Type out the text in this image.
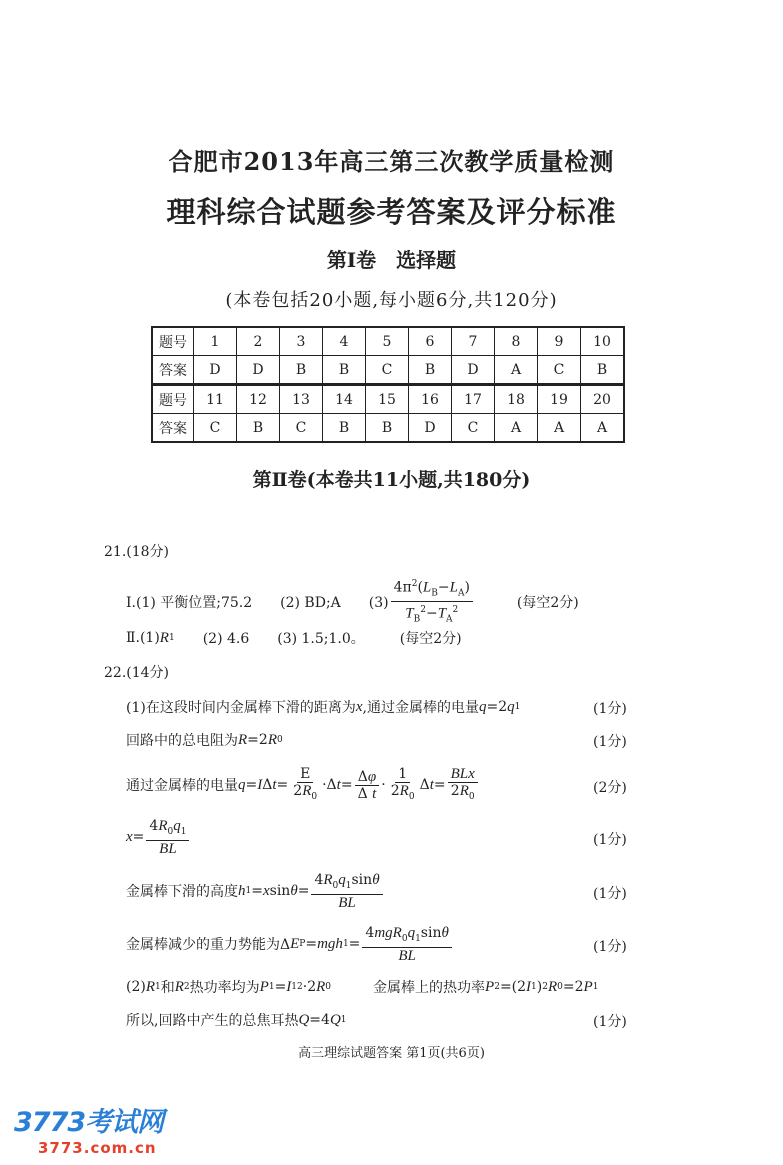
合肥市2013年高三第三次教学质量检测
理科综合试题参考答案及评分标准
第Ⅰ卷　选择题
(本卷包括20小题,每小题6分,共120分)
题号	1	2	3	4	5	6	7	8	9	10
答案	D	D	B	B	C	B	D	A	C	B
题号	11	12	13	14	15	16	17	18	19	20
答案	C	B	C	B	B	D	C	A	A	A
第Ⅱ卷(本卷共11小题,共180分)
21.(18分)
Ⅰ.(1) 平衡位置;75.2　　(2) BD;A　　$(3) \frac{4\pi^2(L_B-L_A)}{T_B^2-T_A^2}$ 　　　(每空2分)
Ⅱ.(1) R 1 　　(2) 4.6　　(3) 1.5;1.0。　　　(每空2分)
22.(14分)
(1)在这段时间内金属棒下滑的距离为 x ,通过金属棒的电量 q =2 q 1	(1分)
回路中的总电阻为 R =2 R 0	(1分)
通过金属棒的电量 q = I Δ $t = \frac{E}{2R_0} \cdot\Delta$ $t = \frac{\Delta\varphi}{\text{Δ t}} \cdot \frac{1}{2R_0}$ Δ $t = \frac{\text{BLx}}{2R_0}$	(2分)
$x = \frac{4R_0q_1}{BL}$	(1分)
金属棒下滑的高度 h 1 = x $\sin \theta = \frac{4R_0q_1\sin\theta}{BL}$	(1分)
金属棒减少的重力势能为Δ E P = mgh $1 = \frac{4mgR_0q_1\sin\theta}{BL}$	(1分)
(2) R 1 和 R 2 热功率均为 P 1 = I 1 2 ·2 R 0 　　　金属棒上的热功率 P 2 =(2 I 1 ) 2 R 0 =2 P 1
所以,回路中产生的总焦耳热 Q =4 Q 1	(1分)
高三理综试题答案 第1页(共6页)
3773考试网
3773.com.cn
